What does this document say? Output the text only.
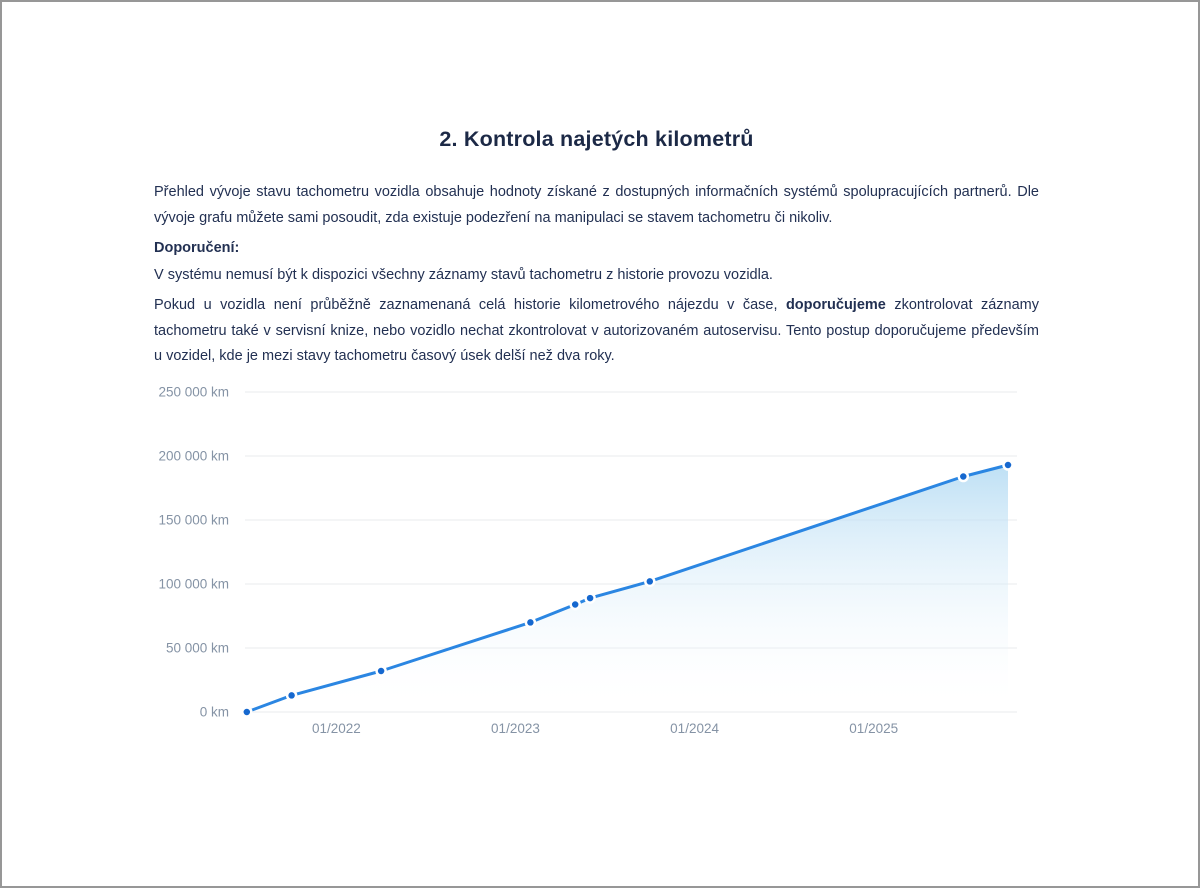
2. Kontrola najetých kilometrů

Přehled vývoje stavu tachometru vozidla obsahuje hodnoty získané z dostupných informačních systémů spolupracujících partnerů. Dle vývoje grafu můžete sami posoudit, zda existuje podezření na manipulaci se stavem tachometru či nikoliv.

Doporučení:

V systému nemusí být k dispozici všechny záznamy stavů tachometru z historie provozu vozidla.

Pokud u vozidla není průběžně zaznamenaná celá historie kilometrového nájezdu v čase, doporučujeme zkontrolovat záznamy tachometru také v servisní knize, nebo vozidlo nechat zkontrolovat v autorizovaném autoservisu. Tento postup doporučujeme především u vozidel, kde je mezi stavy tachometru časový úsek delší než dva roky.

0 km
50 000 km
100 000 km
150 000 km
200 000 km
250 000 km
01/2022	01/2023	01/2024	01/2025
